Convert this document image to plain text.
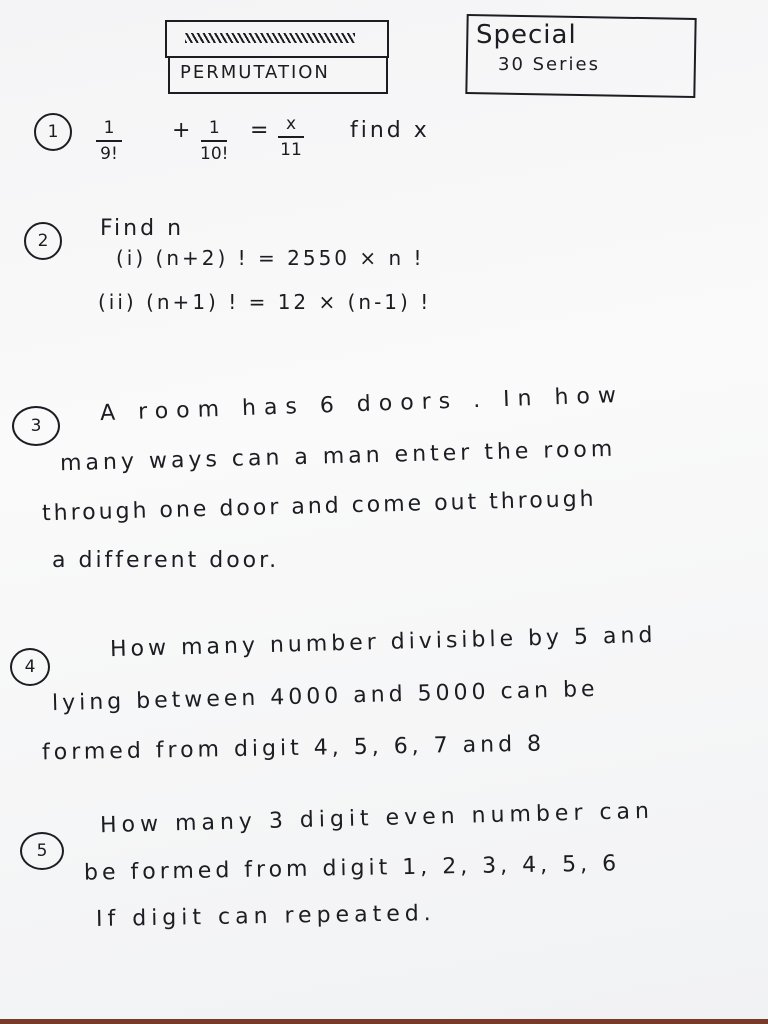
PERMUTATION
Special
30 Series
1	1
9!
+ 1
10!
= x
11
find x
2 Find n
(i) (n+2) ! = 2550 × n !
(ii) (n+1) ! = 12 × (n-1) !
3	A room has 6 doors . In how
many ways can a man enter the room
through one door and come out through
a different door.
4
How many number divisible by 5 and
lying between 4000 and 5000 can be
formed from digit 4, 5, 6, 7 and 8
5
How many 3 digit even number can
be formed from digit 1, 2, 3, 4, 5, 6
If digit can repeated.
